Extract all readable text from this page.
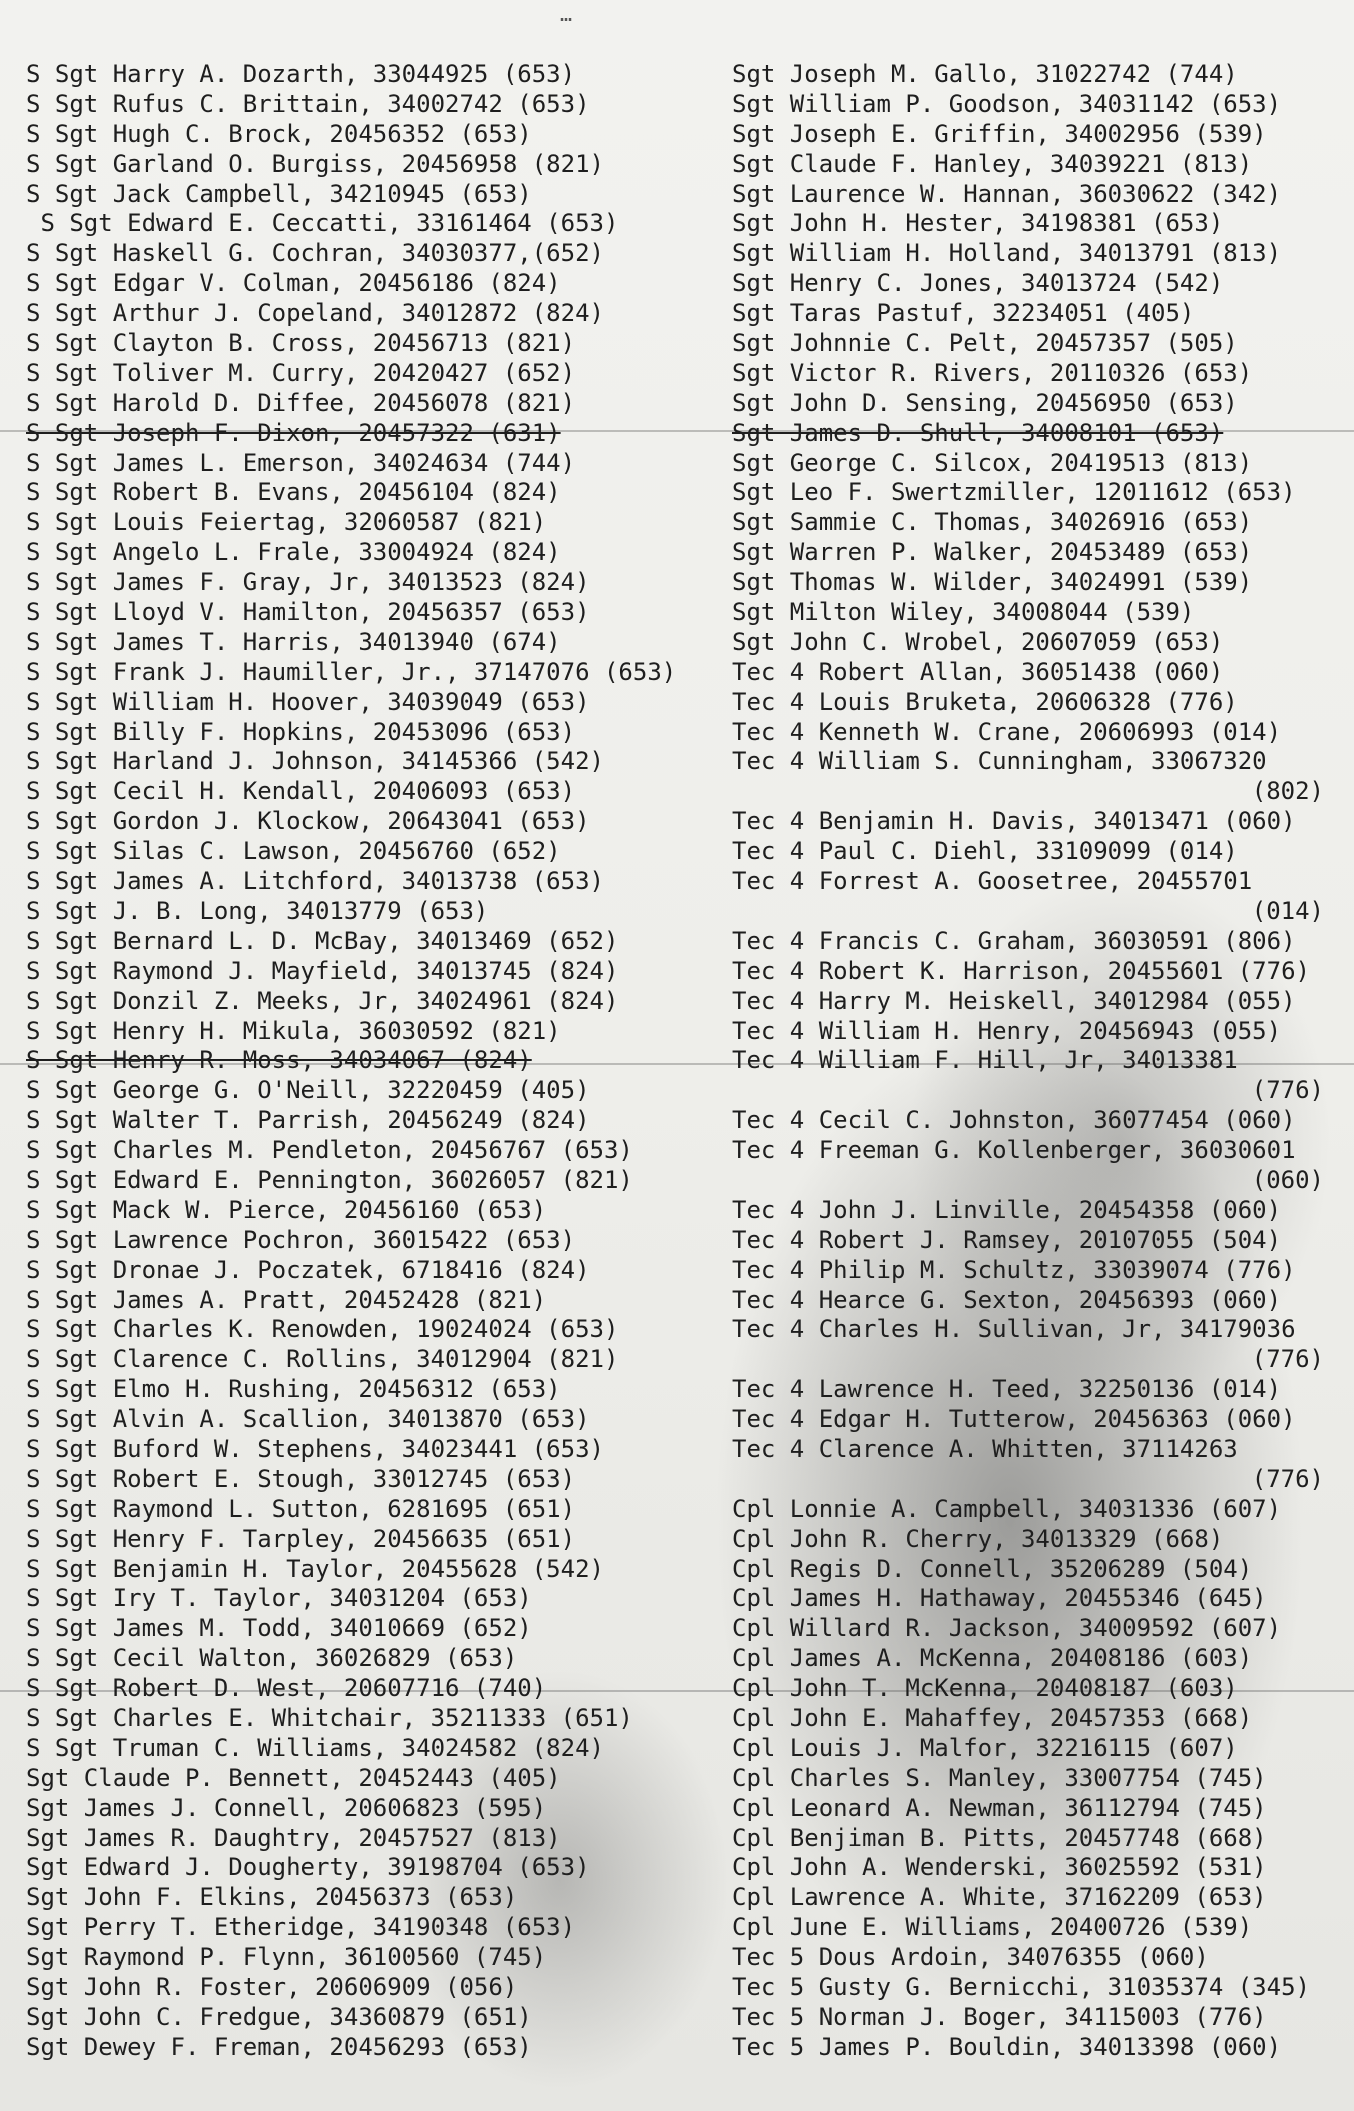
…
S Sgt Harry A. Dozarth, 33044925 (653)
S Sgt Rufus C. Brittain, 34002742 (653)
S Sgt Hugh C. Brock, 20456352 (653)
S Sgt Garland O. Burgiss, 20456958 (821)
S Sgt Jack Campbell, 34210945 (653)
S Sgt Edward E. Ceccatti, 33161464 (653)
S Sgt Haskell G. Cochran, 34030377,(652)
S Sgt Edgar V. Colman, 20456186 (824)
S Sgt Arthur J. Copeland, 34012872 (824)
S Sgt Clayton B. Cross, 20456713 (821)
S Sgt Toliver M. Curry, 20420427 (652)
S Sgt Harold D. Diffee, 20456078 (821)
S Sgt Joseph F. Dixon, 20457322 (631)
S Sgt James L. Emerson, 34024634 (744)
S Sgt Robert B. Evans, 20456104 (824)
S Sgt Louis Feiertag, 32060587 (821)
S Sgt Angelo L. Frale, 33004924 (824)
S Sgt James F. Gray, Jr, 34013523 (824)
S Sgt Lloyd V. Hamilton, 20456357 (653)
S Sgt James T. Harris, 34013940 (674)
S Sgt Frank J. Haumiller, Jr., 37147076 (653)
S Sgt William H. Hoover, 34039049 (653)
S Sgt Billy F. Hopkins, 20453096 (653)
S Sgt Harland J. Johnson, 34145366 (542)
S Sgt Cecil H. Kendall, 20406093 (653)
S Sgt Gordon J. Klockow, 20643041 (653)
S Sgt Silas C. Lawson, 20456760 (652)
S Sgt James A. Litchford, 34013738 (653)
S Sgt J. B. Long, 34013779 (653)
S Sgt Bernard L. D. McBay, 34013469 (652)
S Sgt Raymond J. Mayfield, 34013745 (824)
S Sgt Donzil Z. Meeks, Jr, 34024961 (824)
S Sgt Henry H. Mikula, 36030592 (821)
S Sgt Henry R. Moss, 34034067 (824)
S Sgt George G. O'Neill, 32220459 (405)
S Sgt Walter T. Parrish, 20456249 (824)
S Sgt Charles M. Pendleton, 20456767 (653)
S Sgt Edward E. Pennington, 36026057 (821)
S Sgt Mack W. Pierce, 20456160 (653)
S Sgt Lawrence Pochron, 36015422 (653)
S Sgt Dronae J. Poczatek, 6718416 (824)
S Sgt James A. Pratt, 20452428 (821)
S Sgt Charles K. Renowden, 19024024 (653)
S Sgt Clarence C. Rollins, 34012904 (821)
S Sgt Elmo H. Rushing, 20456312 (653)
S Sgt Alvin A. Scallion, 34013870 (653)
S Sgt Buford W. Stephens, 34023441 (653)
S Sgt Robert E. Stough, 33012745 (653)
S Sgt Raymond L. Sutton, 6281695 (651)
S Sgt Henry F. Tarpley, 20456635 (651)
S Sgt Benjamin H. Taylor, 20455628 (542)
S Sgt Iry T. Taylor, 34031204 (653)
S Sgt James M. Todd, 34010669 (652)
S Sgt Cecil Walton, 36026829 (653)
S Sgt Robert D. West, 20607716 (740)
S Sgt Charles E. Whitchair, 35211333 (651)
S Sgt Truman C. Williams, 34024582 (824)
Sgt Claude P. Bennett, 20452443 (405)
Sgt James J. Connell, 20606823 (595)
Sgt James R. Daughtry, 20457527 (813)
Sgt Edward J. Dougherty, 39198704 (653)
Sgt John F. Elkins, 20456373 (653)
Sgt Perry T. Etheridge, 34190348 (653)
Sgt Raymond P. Flynn, 36100560 (745)
Sgt John R. Foster, 20606909 (056)
Sgt John C. Fredgue, 34360879 (651)
Sgt Dewey F. Freman, 20456293 (653)
Sgt Joseph M. Gallo, 31022742 (744)
Sgt William P. Goodson, 34031142 (653)
Sgt Joseph E. Griffin, 34002956 (539)
Sgt Claude F. Hanley, 34039221 (813)
Sgt Laurence W. Hannan, 36030622 (342)
Sgt John H. Hester, 34198381 (653)
Sgt William H. Holland, 34013791 (813)
Sgt Henry C. Jones, 34013724 (542)
Sgt Taras Pastuf, 32234051 (405)
Sgt Johnnie C. Pelt, 20457357 (505)
Sgt Victor R. Rivers, 20110326 (653)
Sgt John D. Sensing, 20456950 (653)
Sgt James D. Shull, 34008101 (653)
Sgt George C. Silcox, 20419513 (813)
Sgt Leo F. Swertzmiller, 12011612 (653)
Sgt Sammie C. Thomas, 34026916 (653)
Sgt Warren P. Walker, 20453489 (653)
Sgt Thomas W. Wilder, 34024991 (539)
Sgt Milton Wiley, 34008044 (539)
Sgt John C. Wrobel, 20607059 (653)
Tec 4 Robert Allan, 36051438 (060)
Tec 4 Louis Bruketa, 20606328 (776)
Tec 4 Kenneth W. Crane, 20606993 (014)
Tec 4 William S. Cunningham, 33067320
(802)
Tec 4 Benjamin H. Davis, 34013471 (060)
Tec 4 Paul C. Diehl, 33109099 (014)
Tec 4 Forrest A. Goosetree, 20455701
(014)
Tec 4 Francis C. Graham, 36030591 (806)
Tec 4 Robert K. Harrison, 20455601 (776)
Tec 4 Harry M. Heiskell, 34012984 (055)
Tec 4 William H. Henry, 20456943 (055)
Tec 4 William F. Hill, Jr, 34013381
(776)
Tec 4 Cecil C. Johnston, 36077454 (060)
Tec 4 Freeman G. Kollenberger, 36030601
(060)
Tec 4 John J. Linville, 20454358 (060)
Tec 4 Robert J. Ramsey, 20107055 (504)
Tec 4 Philip M. Schultz, 33039074 (776)
Tec 4 Hearce G. Sexton, 20456393 (060)
Tec 4 Charles H. Sullivan, Jr, 34179036
(776)
Tec 4 Lawrence H. Teed, 32250136 (014)
Tec 4 Edgar H. Tutterow, 20456363 (060)
Tec 4 Clarence A. Whitten, 37114263
(776)
Cpl Lonnie A. Campbell, 34031336 (607)
Cpl John R. Cherry, 34013329 (668)
Cpl Regis D. Connell, 35206289 (504)
Cpl James H. Hathaway, 20455346 (645)
Cpl Willard R. Jackson, 34009592 (607)
Cpl James A. McKenna, 20408186 (603)
Cpl John T. McKenna, 20408187 (603)
Cpl John E. Mahaffey, 20457353 (668)
Cpl Louis J. Malfor, 32216115 (607)
Cpl Charles S. Manley, 33007754 (745)
Cpl Leonard A. Newman, 36112794 (745)
Cpl Benjiman B. Pitts, 20457748 (668)
Cpl John A. Wenderski, 36025592 (531)
Cpl Lawrence A. White, 37162209 (653)
Cpl June E. Williams, 20400726 (539)
Tec 5 Dous Ardoin, 34076355 (060)
Tec 5 Gusty G. Bernicchi, 31035374 (345)
Tec 5 Norman J. Boger, 34115003 (776)
Tec 5 James P. Bouldin, 34013398 (060)
